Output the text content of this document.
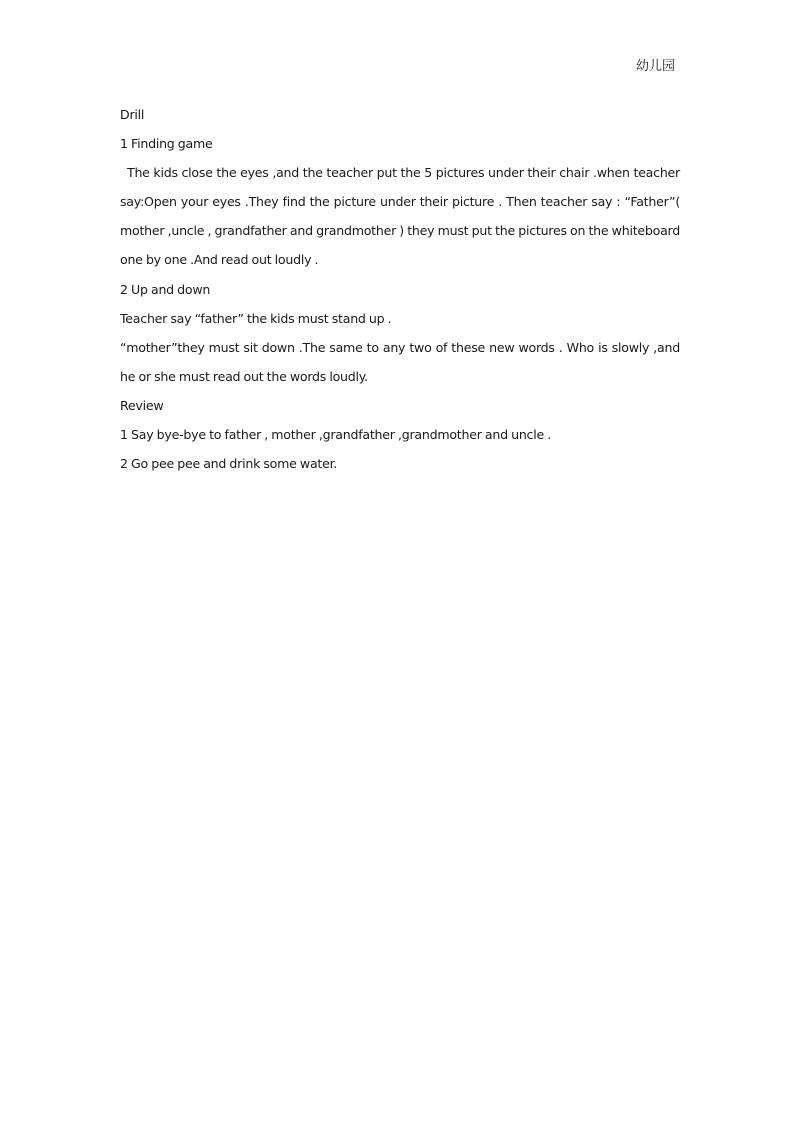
幼儿园

Drill

1 Finding game

The kids close the eyes ,and the teacher put the 5 pictures under their chair .when teacher say:Open your eyes .They find the picture under their picture . Then teacher say : “Father”( mother ,uncle , grandfather and grandmother ) they must put the pictures on the whiteboard one by one .And read out loudly .

2 Up and down

Teacher say “father” the kids must stand up .

“mother”they must sit down .The same to any two of these new words . Who is slowly ,and he or she must read out the words loudly.

Review

1 Say bye-bye to father , mother ,grandfather ,grandmother and uncle .

2 Go pee pee and drink some water.
